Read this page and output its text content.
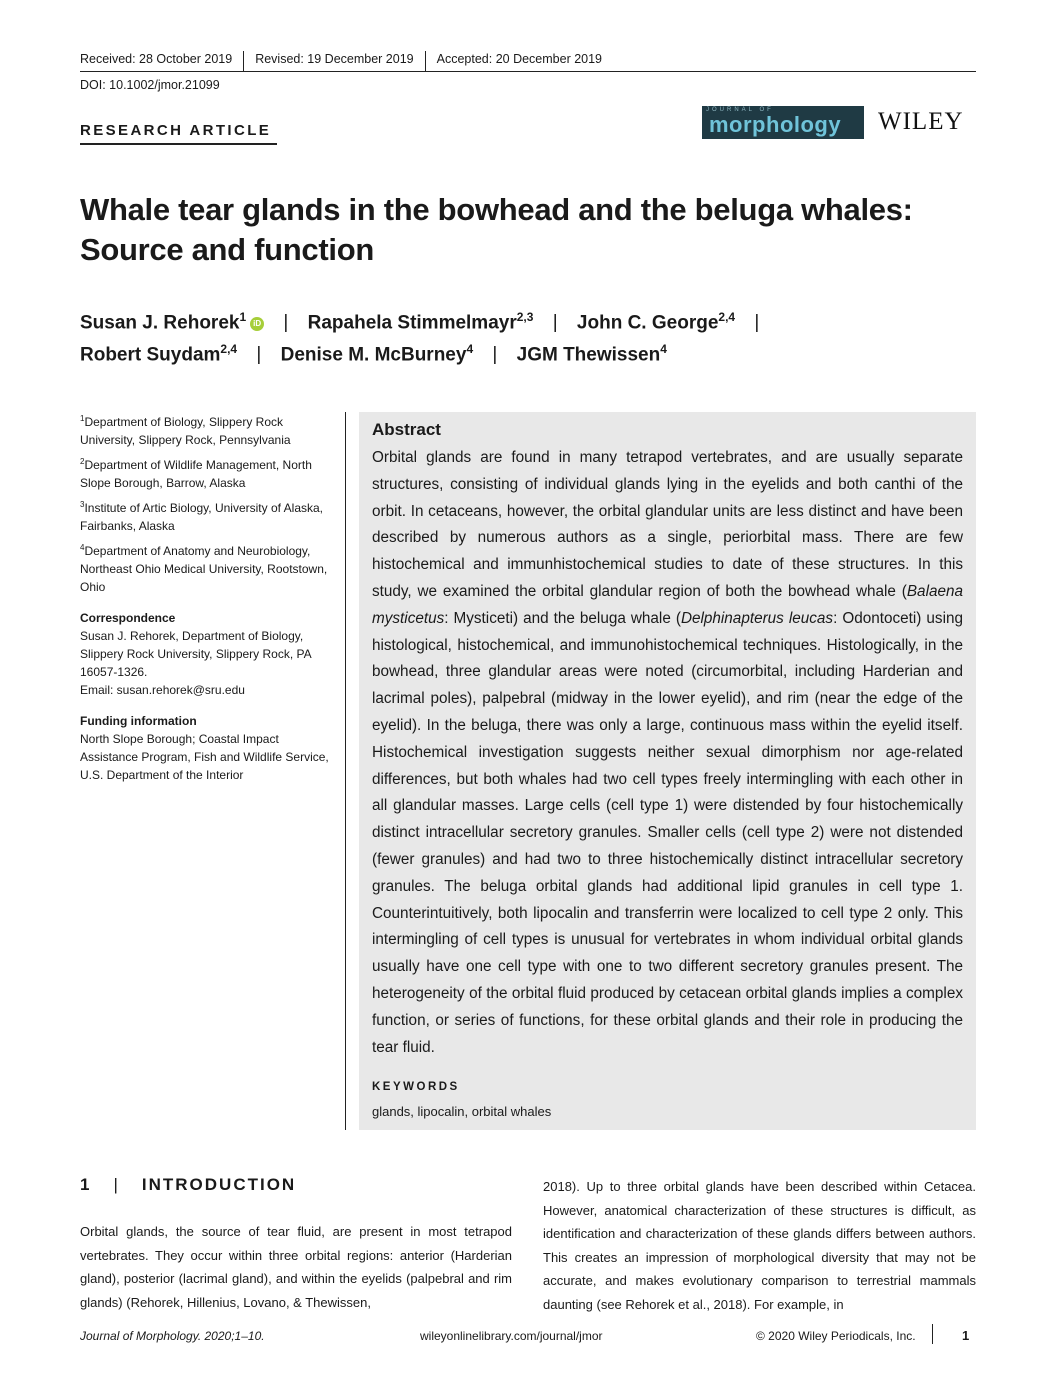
Received: 28 October 2019 Revised: 19 December 2019 Accepted: 20 December 2019
DOI: 10.1002/jmor.21099
RESEARCH ARTICLE
JOURNAL OF
morphology WILEY
Whale tear glands in the bowhead and the beluga whales:
Source and function
Susan J. Rehorek$^1$ iD | Rapahela Stimmelmayr$^{2,3}$ | John C. George$^{2,4}$ |
Robert Suydam$^{2,4}$ | Denise M. McBurney$^4$ | JGM Thewissen$^4$
$^1$Department of Biology, Slippery Rock University, Slippery Rock, Pennsylvania
$^2$Department of Wildlife Management, North Slope Borough, Barrow, Alaska
$^3$Institute of Artic Biology, University of Alaska, Fairbanks, Alaska
$^4$Department of Anatomy and Neurobiology, Northeast Ohio Medical University, Rootstown, Ohio
Correspondence
Susan J. Rehorek, Department of Biology,
Slippery Rock University, Slippery Rock, PA
16057-1326.
Email: susan.rehorek@sru.edu
Funding information
North Slope Borough; Coastal Impact Assistance Program, Fish and Wildlife Service, U.S. Department of the Interior
Abstract
Orbital glands are found in many tetrapod vertebrates, and are usually separate structures, consisting of individual glands lying in the eyelids and both canthi of the orbit. In cetaceans, however, the orbital glandular units are less distinct and have been described by numerous authors as a single, periorbital mass. There are few histochemical and immunhistochemical studies to date of these structures. In this study, we examined the orbital glandular region of both the bowhead whale (Balaena mysticetus: Mysticeti) and the beluga whale (Delphinapterus leucas: Odontoceti) using histological, histochemical, and immunohistochemical techniques. Histologically, in the bowhead, three glandular areas were noted (circumorbital, including Harderian and lacrimal poles), palpebral (midway in the lower eyelid), and rim (near the edge of the eyelid). In the beluga, there was only a large, continuous mass within the eyelid itself. Histochemical investigation suggests neither sexual dimorphism nor age-related differences, but both whales had two cell types freely intermingling with each other in all glandular masses. Large cells (cell type 1) were distended by four histochemically distinct intracellular secretory granules. Smaller cells (cell type 2) were not distended (fewer granules) and had two to three histochemically distinct intracellular secretory granules. The beluga orbital glands had additional lipid granules in cell type 1. Counterintuitively, both lipocalin and transferrin were localized to cell type 2 only. This intermingling of cell types is unusual for vertebrates in whom individual orbital glands usually have one cell type with one to two different secretory granules present. The heterogeneity of the orbital fluid produced by cetacean orbital glands implies a complex function, or series of functions, for these orbital glands and their role in producing the tear fluid.
KEYWORDS
glands, lipocalin, orbital whales
1 | INTRODUCTION
Orbital glands, the source of tear fluid, are present in most tetrapod vertebrates. They occur within three orbital regions: anterior (Harderian gland), posterior (lacrimal gland), and within the eyelids (palpebral and rim glands) (Rehorek, Hillenius, Lovano, & Thewissen,
2018). Up to three orbital glands have been described within Cetacea. However, anatomical characterization of these structures is difficult, as identification and characterization of these glands differs between authors. This creates an impression of morphological diversity that may not be accurate, and makes evolutionary comparison to terrestrial mammals daunting (see Rehorek et al., 2018). For example, in
Journal of Morphology. 2020;1–10.	wileyonlinelibrary.com/journal/jmor	© 2020 Wiley Periodicals, Inc.	1
